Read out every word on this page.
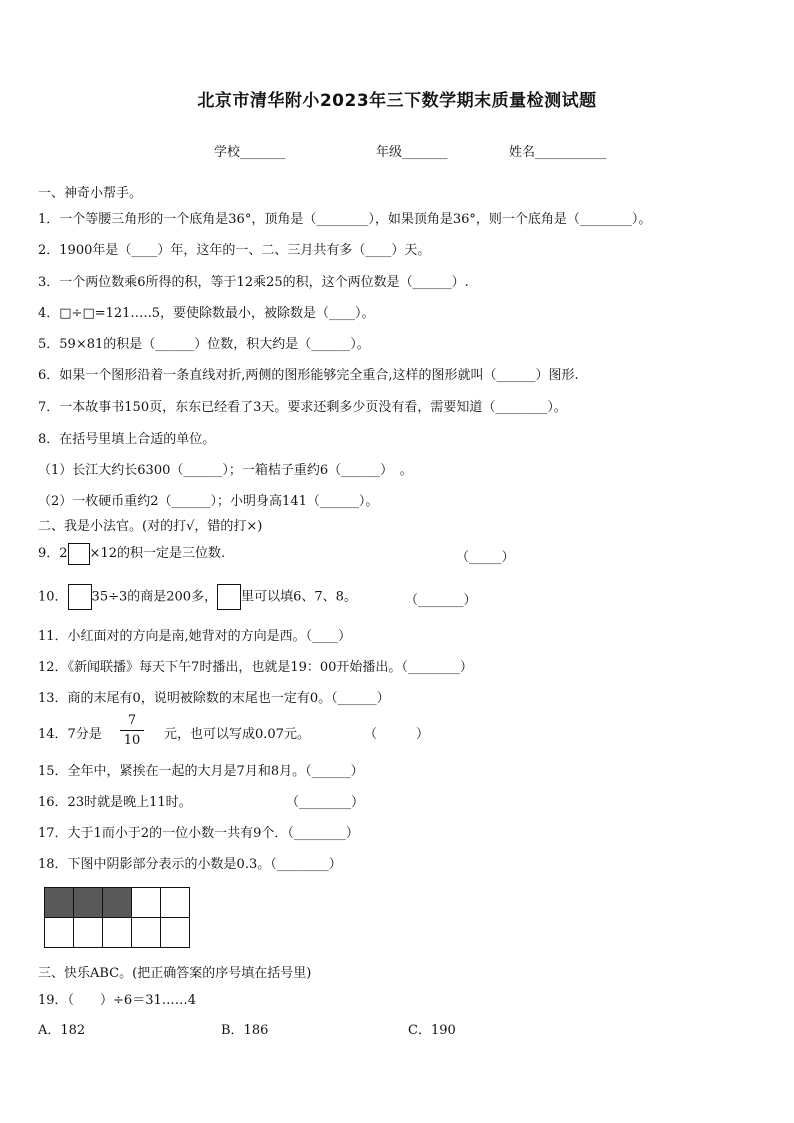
北京市清华附小2023年三下数学期末质量检测试题
学校_______	年级_______	姓名___________
一、神奇小帮手。
1．一个等腰三角形的一个底角是36°，顶角是（________），如果顶角是36°，则一个底角是（________）。
2．1900年是（____）年，这年的一、二、三月共有多（____）天。
3．一个两位数乘6所得的积，等于12乘25的积，这个两位数是（______）.
4．□÷□=121…..5，要使除数最小，被除数是（____）。
5．59×81的积是（______）位数，积大约是（______）。
6．如果一个图形沿着一条直线对折,两侧的图形能够完全重合,这样的图形就叫（______）图形.
7．一本故事书150页，东东已经看了3天。要求还剩多少页没有看，需要知道（________）。
8．在括号里填上合适的单位。
（1）长江大约长6300（______）；一箱桔子重约6（______）　。
（2）一枚硬币重约2（______）；小明身高141（______）。
二、我是小法官。(对的打√，错的打×)
9．2 ×12的积一定是三位数.	（_____）
10． 35÷3的商是200多， 里可以填6、7、8。	（_______）
11．小红面对的方向是南,她背对的方向是西。（____）
12．《新闻联播》每天下午7时播出，也就是19：00开始播出。（________）
13．商的末尾有0，说明被除数的末尾也一定有0。（______）
14．7分是
7
10 元，也可以写成0.07元。	（　　　）
15．全年中，紧挨在一起的大月是7月和8月。（______）
16．23时就是晚上11时。	（________）
17．大于1而小于2的一位小数一共有9个．（________）
18．下图中阴影部分表示的小数是0.3。（________）

三、快乐ABC。(把正确答案的序号填在括号里)
19．（　　）÷6＝31……4
A．182	B．186	C．190
